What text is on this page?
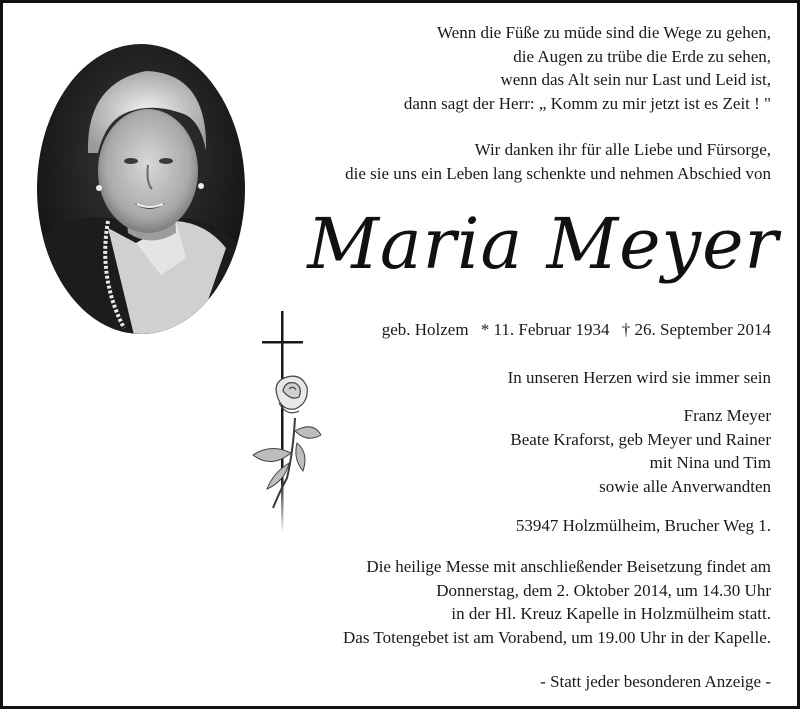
Wenn die Füße zu müde sind die Wege zu gehen,
die Augen zu trübe die Erde zu sehen,
wenn das Alt sein nur Last und Leid ist,
dann sagt der Herr: „ Komm zu mir jetzt ist es Zeit ! "
Wir danken ihr für alle Liebe und Fürsorge,
die sie uns ein Leben lang schenkte und nehmen Abschied von
Maria Meyer
geb. Holzem * 11. Februar 1934 † 26. September 2014
In unseren Herzen wird sie immer sein
Franz Meyer
Beate Kraforst, geb Meyer und Rainer
mit Nina und Tim
sowie alle Anverwandten
53947 Holzmülheim, Brucher Weg 1.
Die heilige Messe mit anschließender Beisetzung findet am
Donnerstag, dem 2. Oktober 2014, um 14.30 Uhr
in der Hl. Kreuz Kapelle in Holzmülheim statt.
Das Totengebet ist am Vorabend, um 19.00 Uhr in der Kapelle.
- Statt jeder besonderen Anzeige -
